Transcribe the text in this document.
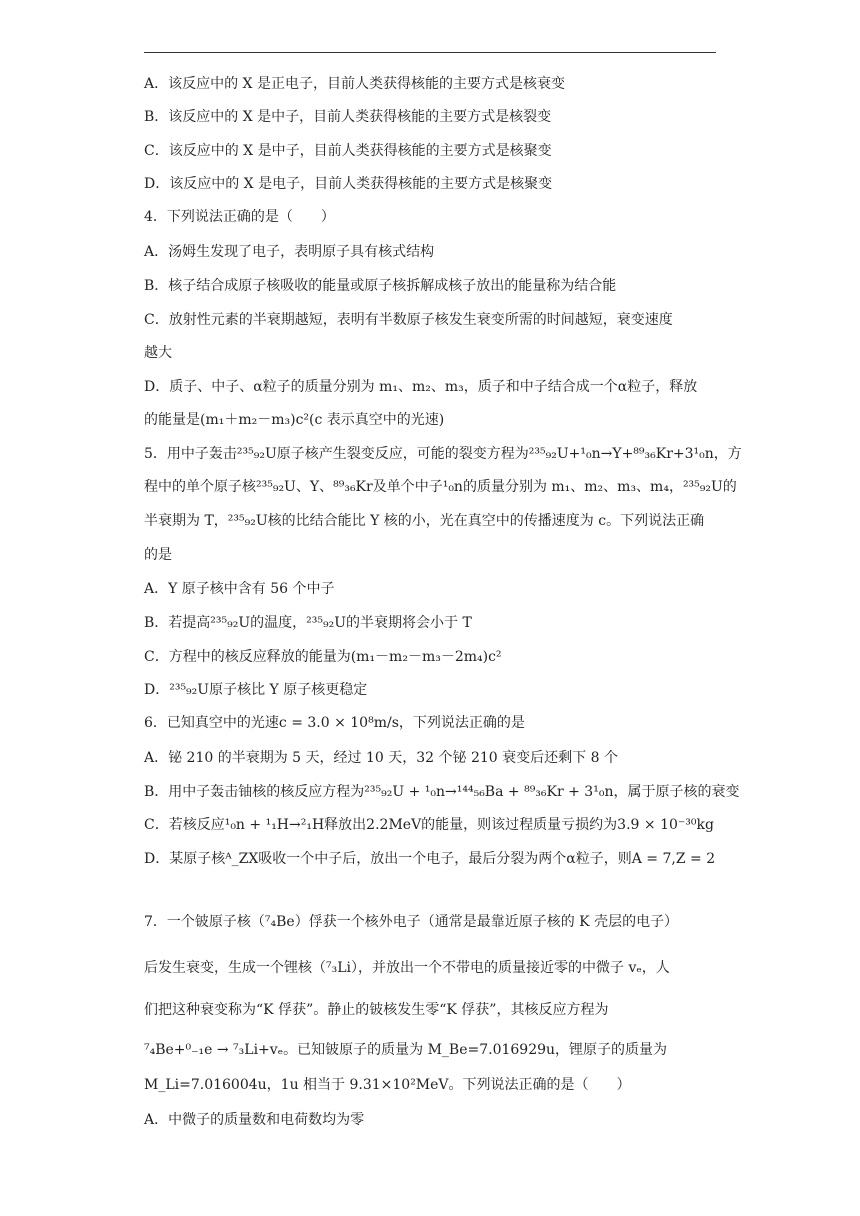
A．该反应中的 X 是正电子，目前人类获得核能的主要方式是核衰变
B．该反应中的 X 是中子，目前人类获得核能的主要方式是核裂变
C．该反应中的 X 是中子，目前人类获得核能的主要方式是核聚变
D．该反应中的 X 是电子，目前人类获得核能的主要方式是核聚变
4．下列说法正确的是（　　）
A．汤姆生发现了电子，表明原子具有核式结构
B．核子结合成原子核吸收的能量或原子核拆解成核子放出的能量称为结合能
C．放射性元素的半衰期越短，表明有半数原子核发生衰变所需的时间越短，衰变速度
越大
D．质子、中子、α粒子的质量分别为 m₁、m₂、m₃，质子和中子结合成一个α粒子，释放
的能量是(m₁＋m₂－m₃)c²(c 表示真空中的光速)
5．用中子轰击²³⁵₉₂U原子核产生裂变反应，可能的裂变方程为²³⁵₉₂U+¹₀n→Y+⁸⁹₃₆Kr+3¹₀n，方
程中的单个原子核²³⁵₉₂U、Y、⁸⁹₃₆Kr及单个中子¹₀n的质量分别为 m₁、m₂、m₃、m₄，²³⁵₉₂U的
半衰期为 T，²³⁵₉₂U核的比结合能比 Y 核的小，光在真空中的传播速度为 c。下列说法正确
的是
A．Y 原子核中含有 56 个中子
B．若提高²³⁵₉₂U的温度，²³⁵₉₂U的半衰期将会小于 T
C．方程中的核反应释放的能量为(m₁－m₂－m₃－2m₄)c²
D．²³⁵₉₂U原子核比 Y 原子核更稳定
6．已知真空中的光速c = 3.0 × 10⁸m/s，下列说法正确的是
A．铋 210 的半衰期为 5 天，经过 10 天，32 个铋 210 衰变后还剩下 8 个
B．用中子轰击铀核的核反应方程为²³⁵₉₂U + ¹₀n→¹⁴⁴₅₆Ba + ⁸⁹₃₆Kr + 3¹₀n，属于原子核的衰变
C．若核反应¹₀n + ¹₁H→²₁H释放出2.2MeV的能量，则该过程质量亏损约为3.9 × 10⁻³⁰kg
D．某原子核ᴬ_ZX吸收一个中子后，放出一个电子，最后分裂为两个α粒子，则A = 7,Z = 2
7．一个铍原子核（⁷₄Be）俘获一个核外电子（通常是最靠近原子核的 K 壳层的电子）
后发生衰变，生成一个锂核（⁷₃Li），并放出一个不带电的质量接近零的中微子 vₑ，人
们把这种衰变称为“K 俘获”。静止的铍核发生零“K 俘获”，其核反应方程为
⁷₄Be+⁰₋₁e → ⁷₃Li+vₑ。已知铍原子的质量为 M_Be=7.016929u，锂原子的质量为
M_Li=7.016004u，1u 相当于 9.31×10²MeV。下列说法正确的是（　　）
A．中微子的质量数和电荷数均为零
